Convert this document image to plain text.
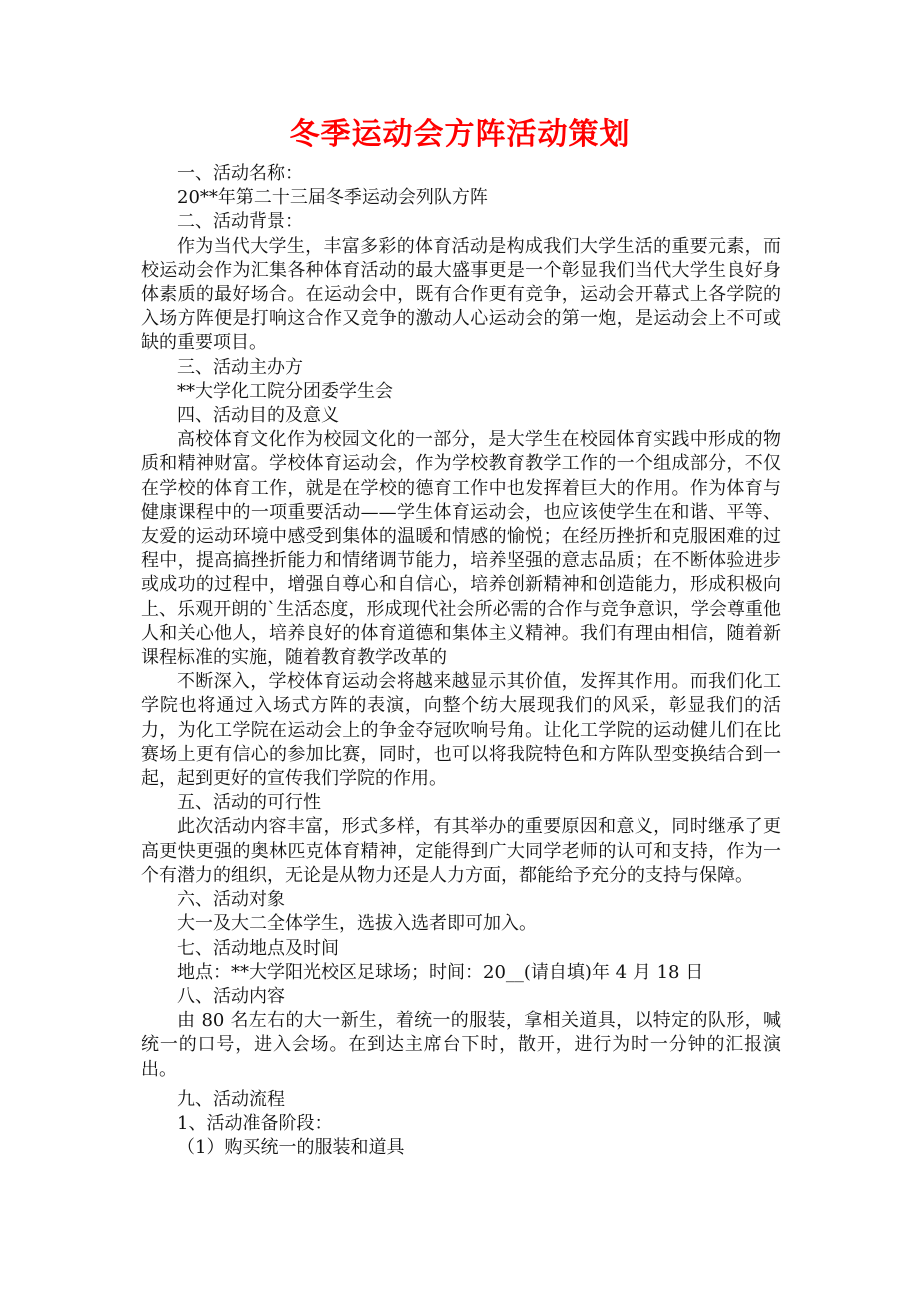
冬季运动会方阵活动策划

一、活动名称：

20**年第二十三届冬季运动会列队方阵

二、活动背景：

作为当代大学生，丰富多彩的体育活动是构成我们大学生活的重要元素，而校运动会作为汇集各种体育活动的最大盛事更是一个彰显我们当代大学生良好身体素质的最好场合。在运动会中，既有合作更有竞争，运动会开幕式上各学院的入场方阵便是打响这合作又竞争的激动人心运动会的第一炮，是运动会上不可或缺的重要项目。

三、活动主办方

**大学化工院分团委学生会

四、活动目的及意义

高校体育文化作为校园文化的一部分，是大学生在校园体育实践中形成的物质和精神财富。学校体育运动会，作为学校教育教学工作的一个组成部分，不仅在学校的体育工作，就是在学校的德育工作中也发挥着巨大的作用。作为体育与健康课程中的一项重要活动——学生体育运动会，也应该使学生在和谐、平等、友爱的运动环境中感受到集体的温暖和情感的愉悦；在经历挫折和克服困难的过程中，提高搞挫折能力和情绪调节能力，培养坚强的意志品质；在不断体验进步或成功的过程中，增强自尊心和自信心，培养创新精神和创造能力，形成积极向上、乐观开朗的`生活态度，形成现代社会所必需的合作与竞争意识，学会尊重他人和关心他人，培养良好的体育道德和集体主义精神。我们有理由相信，随着新课程标准的实施，随着教育教学改革的

不断深入，学校体育运动会将越来越显示其价值，发挥其作用。而我们化工学院也将通过入场式方阵的表演，向整个纺大展现我们的风采，彰显我们的活力，为化工学院在运动会上的争金夺冠吹响号角。让化工学院的运动健儿们在比赛场上更有信心的参加比赛，同时，也可以将我院特色和方阵队型变换结合到一起，起到更好的宣传我们学院的作用。

五、活动的可行性

此次活动内容丰富，形式多样，有其举办的重要原因和意义，同时继承了更高更快更强的奥林匹克体育精神，定能得到广大同学老师的认可和支持，作为一个有潜力的组织，无论是从物力还是人力方面，都能给予充分的支持与保障。

六、活动对象

大一及大二全体学生，选拔入选者即可加入。

七、活动地点及时间

地点：**大学阳光校区足球场；时间：20__(请自填)年 4 月 18 日

八、活动内容

由 80 名左右的大一新生，着统一的服装，拿相关道具，以特定的队形，喊统一的口号，进入会场。在到达主席台下时，散开，进行为时一分钟的汇报演出。

九、活动流程

1、活动准备阶段：

（1）购买统一的服装和道具
